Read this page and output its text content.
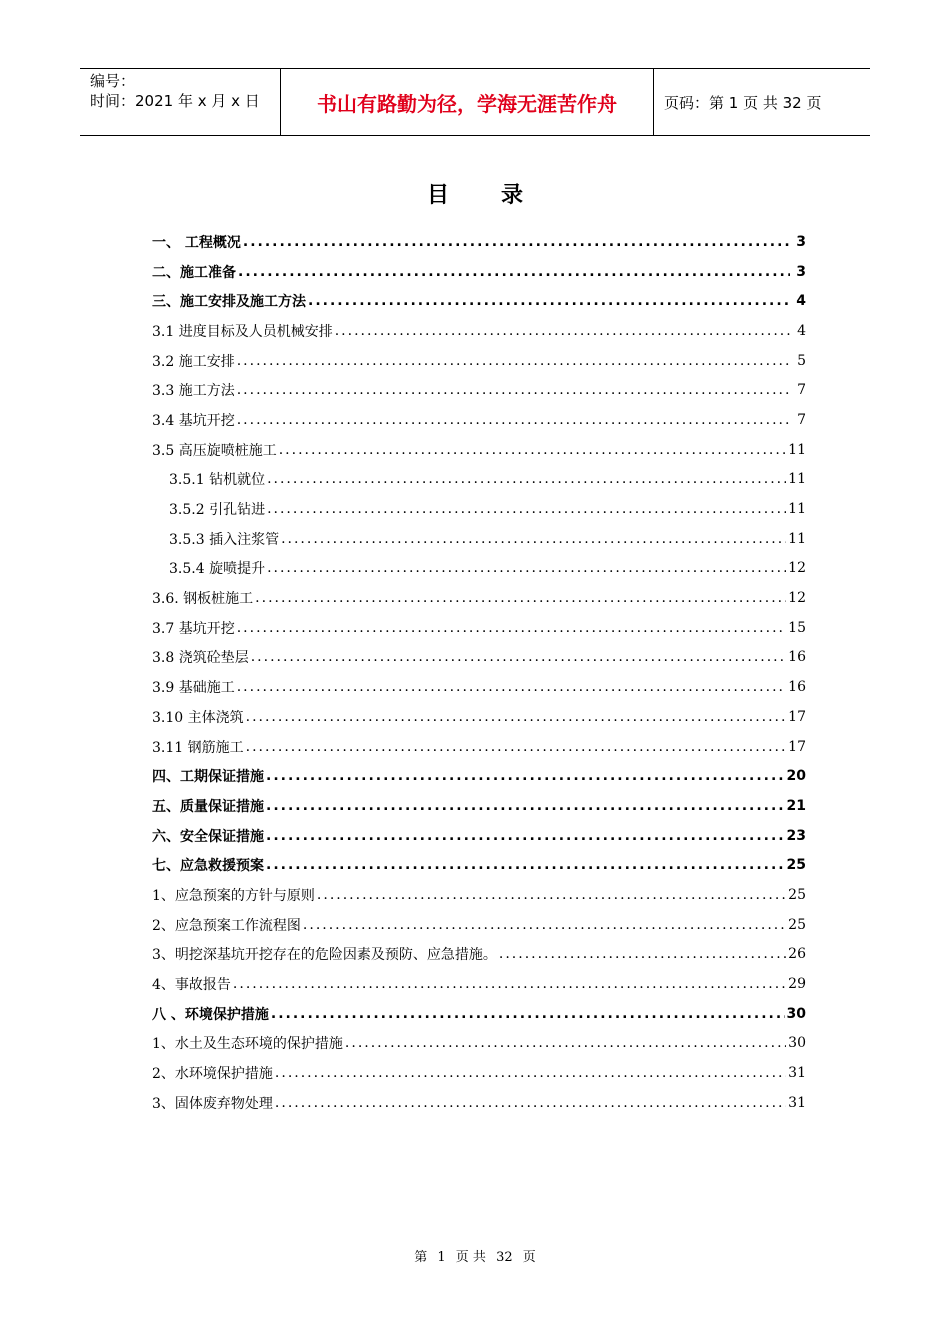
编号：
时间：2021 年 x 月 x 日	书山有路勤为径，学海无涯苦作舟	页码：第 1 页 共 32 页
目录
一、 工程概况 .....	3
二、施工准备 .....	3
三、施工安排及施工方法 .....	4
3.1 进度目标及人员机械安排 .....	4
3.2 施工安排 .....	5
3.3 施工方法 .....	7
3.4 基坑开挖 .....	7
3.5 高压旋喷桩施工 .....	11
3.5.1 钻机就位 .....	11
3.5.2 引孔钻进 .....	11
3.5.3 插入注浆管 .....	11
3.5.4 旋喷提升 .....	12
3.6. 钢板桩施工 .....	12
3.7 基坑开挖 .....	15
3.8 浇筑砼垫层 .....	16
3.9 基础施工 .....	16
3.10 主体浇筑 .....	17
3.11 钢筋施工 .....	17
四、工期保证措施 .....	20
五、质量保证措施 .....	21
六、安全保证措施 .....	23
七、应急救援预案 .....	25
1、应急预案的方针与原则 .....	25
2、应急预案工作流程图 .....	25
3、明挖深基坑开挖存在的危险因素及预防、应急措施。 .....	26
4、事故报告 .....	29
八 、环境保护措施 .....	30
1、水土及生态环境的保护措施 .....	30
2、水环境保护措施 .....	31
3、固体废弃物处理 .....	31
第 1 页 共 32 页
